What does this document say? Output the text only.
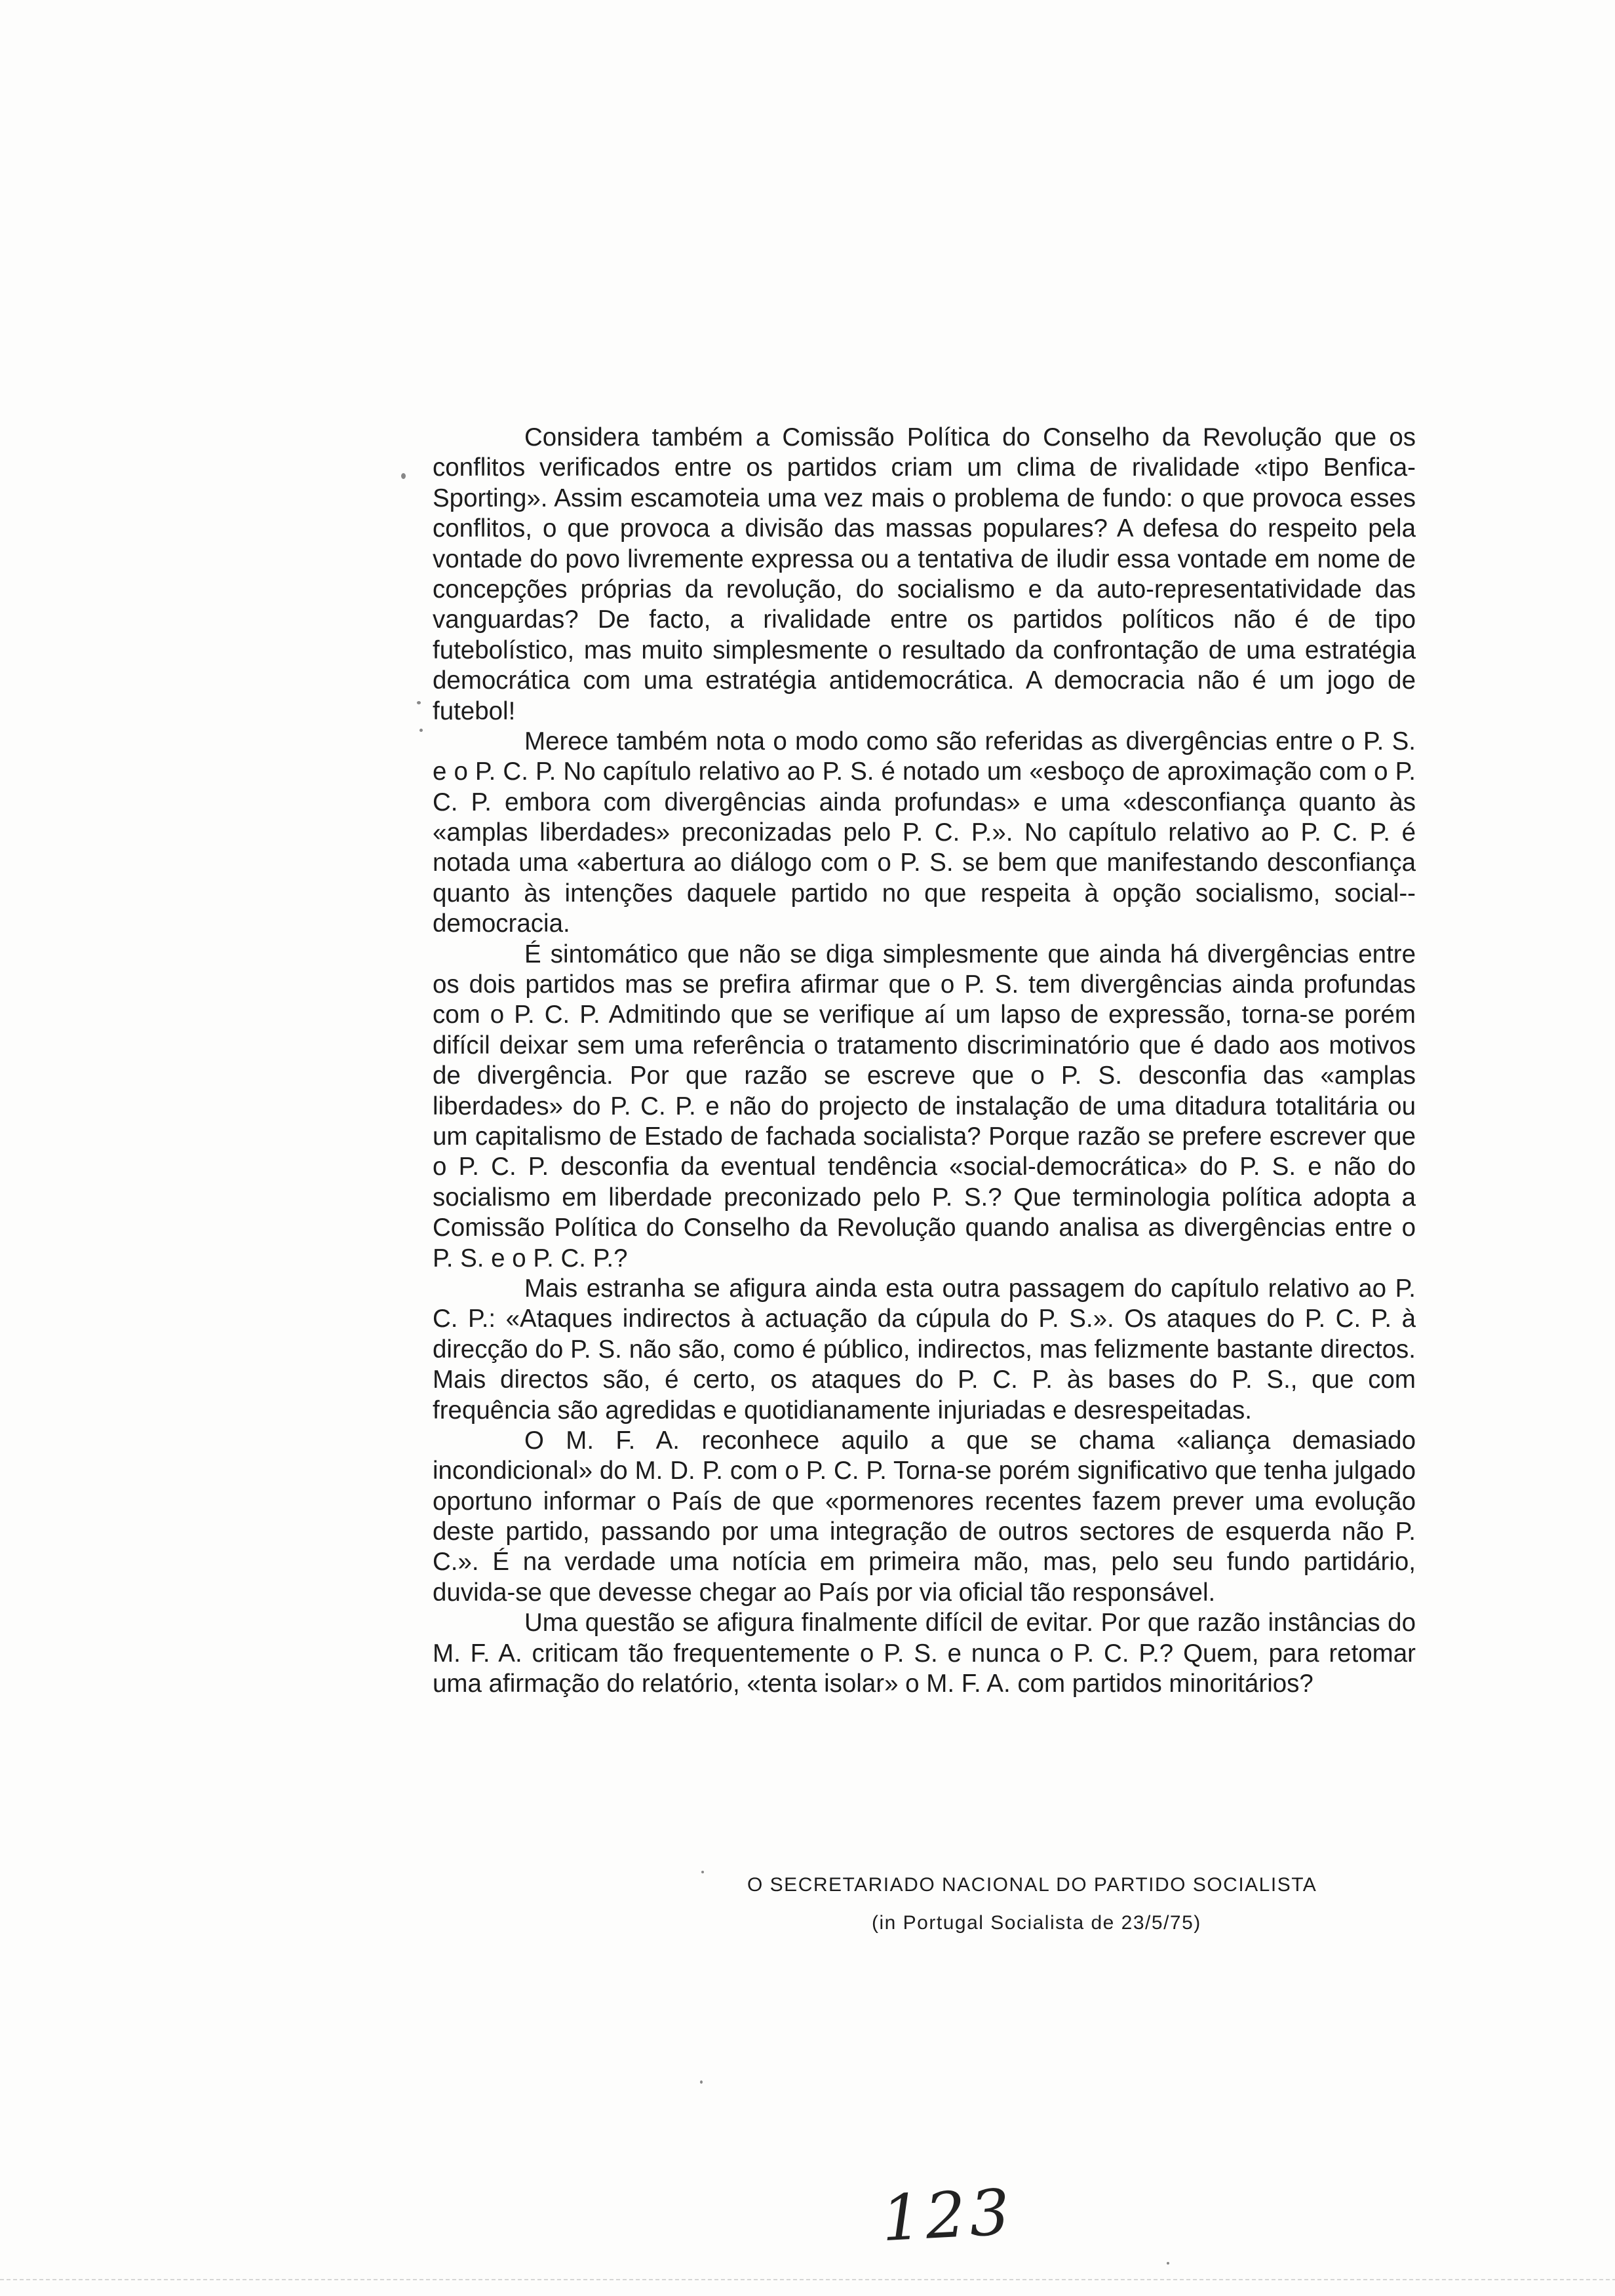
Considera também a Comissão Política do Conselho da Revolução que os conflitos verificados entre os partidos criam um clima de rivalidade «tipo Benfica-Sporting». Assim escamoteia uma vez mais o problema de fundo: o que provoca esses conflitos, o que provoca a divisão das massas populares? A defesa do respeito pela vontade do povo livremente expressa ou a tentativa de iludir essa vontade em nome de concepções próprias da revolução, do socialismo e da auto-representatividade das vanguardas? De facto, a rivalidade entre os partidos políticos não é de tipo futebolístico, mas muito simplesmente o resultado da confrontação de uma estratégia democrática com uma estratégia antidemocrática. A democracia não é um jogo de futebol!

Merece também nota o modo como são referidas as divergências entre o P. S. e o P. C. P. No capítulo relativo ao P. S. é notado um «esboço de aproximação com o P. C. P. embora com divergências ainda profundas» e uma «desconfiança quanto às «amplas liberdades» preconizadas pelo P. C. P.». No capítulo relativo ao P. C. P. é notada uma «abertura ao diálogo com o P. S. se bem que manifestando desconfiança quanto às intenções daquele partido no que respeita à opção socialismo, social--democracia.

É sintomático que não se diga simplesmente que ainda há divergências entre os dois partidos mas se prefira afirmar que o P. S. tem divergências ainda profundas com o P. C. P. Admitindo que se verifique aí um lapso de expressão, torna-se porém difícil deixar sem uma referência o tratamento discriminatório que é dado aos motivos de divergência. Por que razão se escreve que o P. S. desconfia das «amplas liberdades» do P. C. P. e não do projecto de instalação de uma ditadura totalitária ou um capitalismo de Estado de fachada socialista? Porque razão se prefere escrever que o P. C. P. desconfia da eventual tendência «social-democrática» do P. S. e não do socialismo em liberdade preconizado pelo P. S.? Que terminologia política adopta a Comissão Política do Conselho da Revolução quando analisa as divergências entre o P. S. e o P. C. P.?

Mais estranha se afigura ainda esta outra passagem do capítulo relativo ao P. C. P.: «Ataques indirectos à actuação da cúpula do P. S.». Os ataques do P. C. P. à direcção do P. S. não são, como é público, indirectos, mas felizmente bastante directos. Mais directos são, é certo, os ataques do P. C. P. às bases do P. S., que com frequência são agredidas e quotidianamente injuriadas e desrespeitadas.

O M. F. A. reconhece aquilo a que se chama «aliança demasiado incondicional» do M. D. P. com o P. C. P. Torna-se porém significativo que tenha julgado oportuno informar o País de que «pormenores recentes fazem prever uma evolução deste partido, passando por uma integração de outros sectores de esquerda não P. C.». É na verdade uma notícia em primeira mão, mas, pelo seu fundo partidário, duvida-se que devesse chegar ao País por via oficial tão responsável.

Uma questão se afigura finalmente difícil de evitar. Por que razão instâncias do M. F. A. criticam tão frequentemente o P. S. e nunca o P. C. P.? Quem, para retomar uma afirmação do relatório, «tenta isolar» o M. F. A. com partidos minoritários?

O SECRETARIADO NACIONAL DO PARTIDO SOCIALISTA
(in Portugal Socialista de 23/5/75)
123
